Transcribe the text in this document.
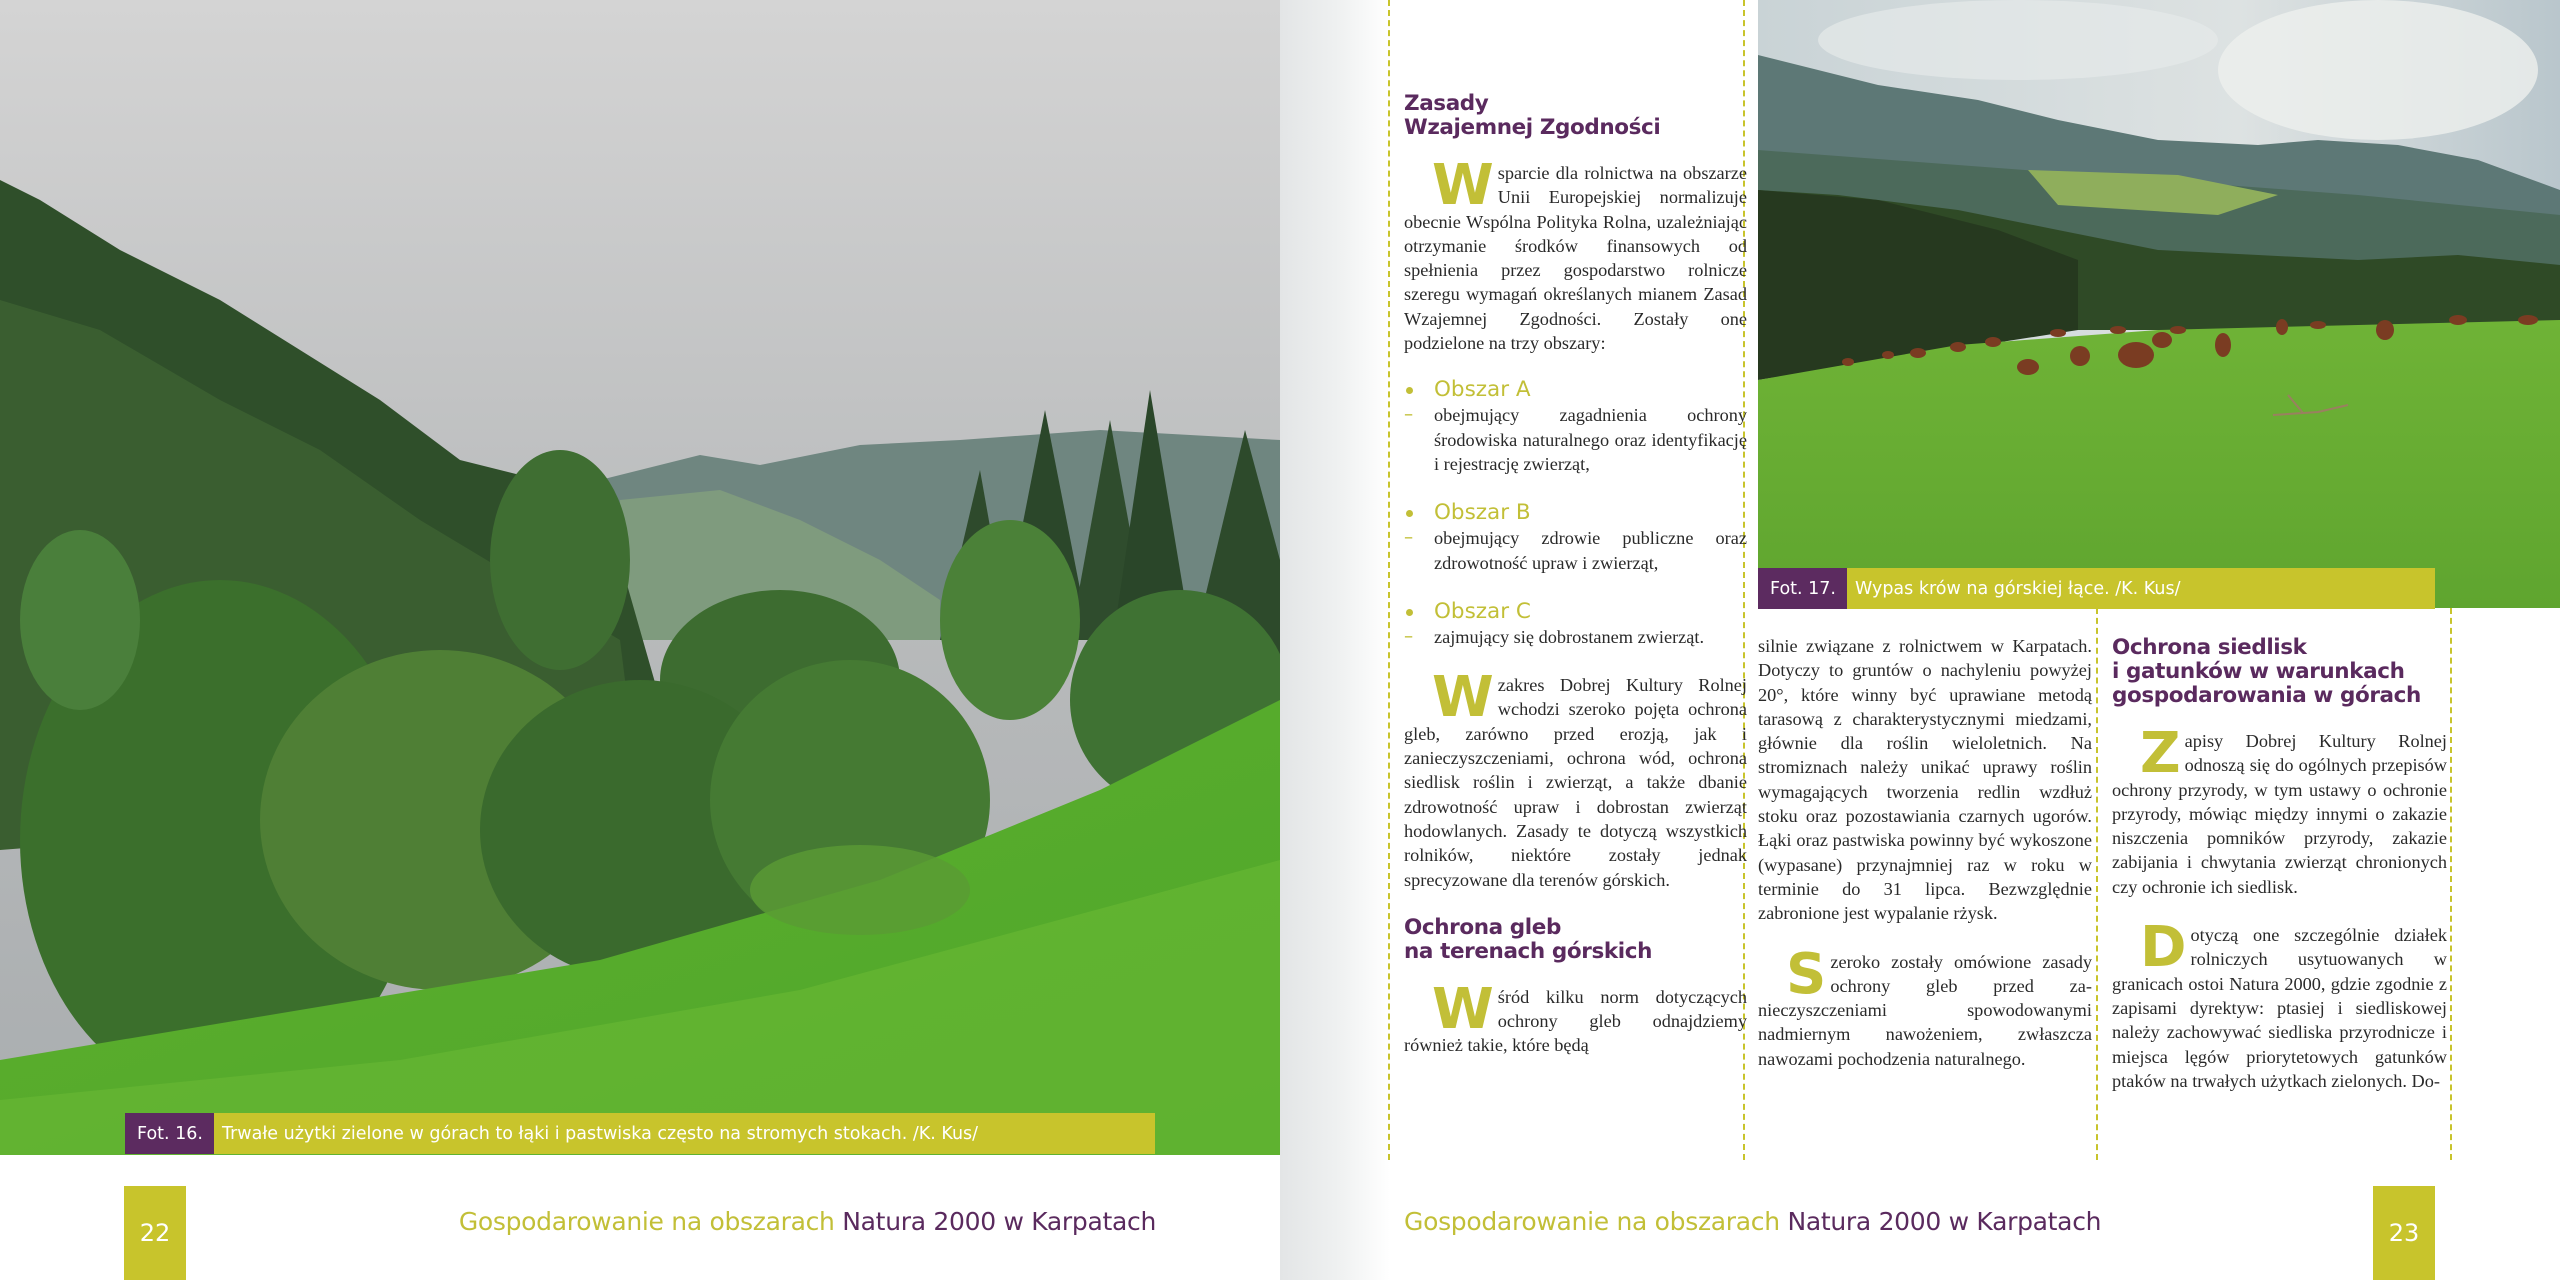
Fot. 16.	Trwałe użytki zielone w górach to łąki i pastwiska często na stromych stokach. /K. Kus/
22	Gospodarowanie na obszarach Natura 2000 w Karpatach
Fot. 17.	Wypas krów na górskiej łące. /K. Kus/
Zasady
Wzajemnej Zgodności

Wsparcie dla rolnictwa na obszarze Unii Europejskiej normalizuje obecnie Wspólna Polityka Rolna, uzależniając otrzymanie środków finansowych od spełnienia przez gospodarstwo rolnicze szeregu wymagań określanych mianem Zasad Wzajemnej Zgodności. Zostały one podzielone na trzy obszary:

Obszar A

– obejmujący zagadnienia ochrony środowiska naturalnego oraz identyfikację i rejestrację zwierząt,

Obszar B

– obejmujący zdrowie publiczne oraz zdrowotność upraw i zwierząt,

Obszar C

– zajmujący się dobrostanem zwierząt.

Wzakres Dobrej Kultury Rolnej wchodzi szeroko pojęta ochrona gleb, zarówno przed erozją, jak i zanieczyszczeniami, ochrona wód, ochrona siedlisk roślin i zwierząt, a także dbanie zdrowotność upraw i dobrostan zwierząt hodowlanych. Zasady te dotyczą wszystkich rolników, niektóre zostały jednak sprecyzowane dla terenów górskich.

Ochrona gleb
na terenach górskich

Wśród kilku norm dotyczących ochrony gleb odnajdziemy również takie, które będą

silnie związane z rolnictwem w Karpatach. Dotyczy to gruntów o nachyleniu powyżej 20°, które winny być uprawiane metodą tarasową z charakterystycznymi miedzami, głównie dla roślin wieloletnich. Na stromiznach należy unikać uprawy roślin wymagających tworzenia redlin wzdłuż stoku oraz pozostawiania czarnych ugorów. Łąki oraz pastwiska powinny być wykoszone (wypasane) przynajmniej raz w roku w terminie do 31 lipca. Bezwzględnie zabronione jest wypalanie rżysk.

Szeroko zostały omówione zasady ochrony gleb przed zanieczyszczeniami spowodowanymi nadmiernym nawożeniem, zwłaszcza nawozami pochodzenia naturalnego.

Ochrona siedlisk
i gatunków w warunkach
gospodarowania w górach

Zapisy Dobrej Kultury Rolnej odnoszą się do ogólnych przepisów ochrony przyrody, w tym ustawy o ochronie przyrody, mówiąc między innymi o zakazie niszczenia pomników przyrody, zakazie zabijania i chwytania zwierząt chronionych czy ochronie ich siedlisk.

Dotyczą one szczególnie działek rolniczych usytuowanych w granicach ostoi Natura 2000, gdzie zgodnie z zapisami dyrektyw: ptasiej i siedliskowej należy zachowywać siedliska przyrodnicze i miejsca lęgów priorytetowych gatunków ptaków na trwałych użytkach zielonych. Do-

Gospodarowanie na obszarach Natura 2000 w Karpatach	23
